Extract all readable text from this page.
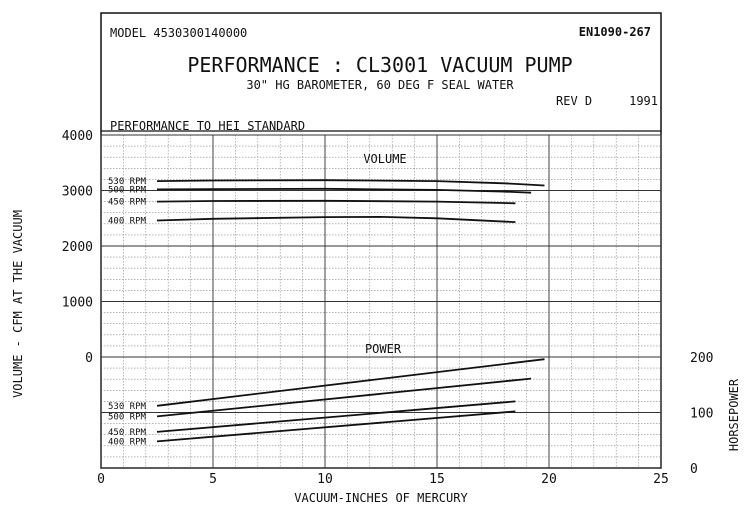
MODEL 4530300140000	EN1090-267
PERFORMANCE : CL3001 VACUUM PUMP
30" HG BAROMETER, 60 DEG F SEAL WATER
REV D	1991
PERFORMANCE TO HEI STANDARD
0	5	10	15	20	25
0
1000
2000
3000
4000
0
100
200
530 RPM
500 RPM
450 RPM
400 RPM
530 RPM
500 RPM
450 RPM
400 RPM
VOLUME
POWER
VACUUM-INCHES OF MERCURY
VOLUME - CFM AT THE VACUUM
HORSEPOWER
